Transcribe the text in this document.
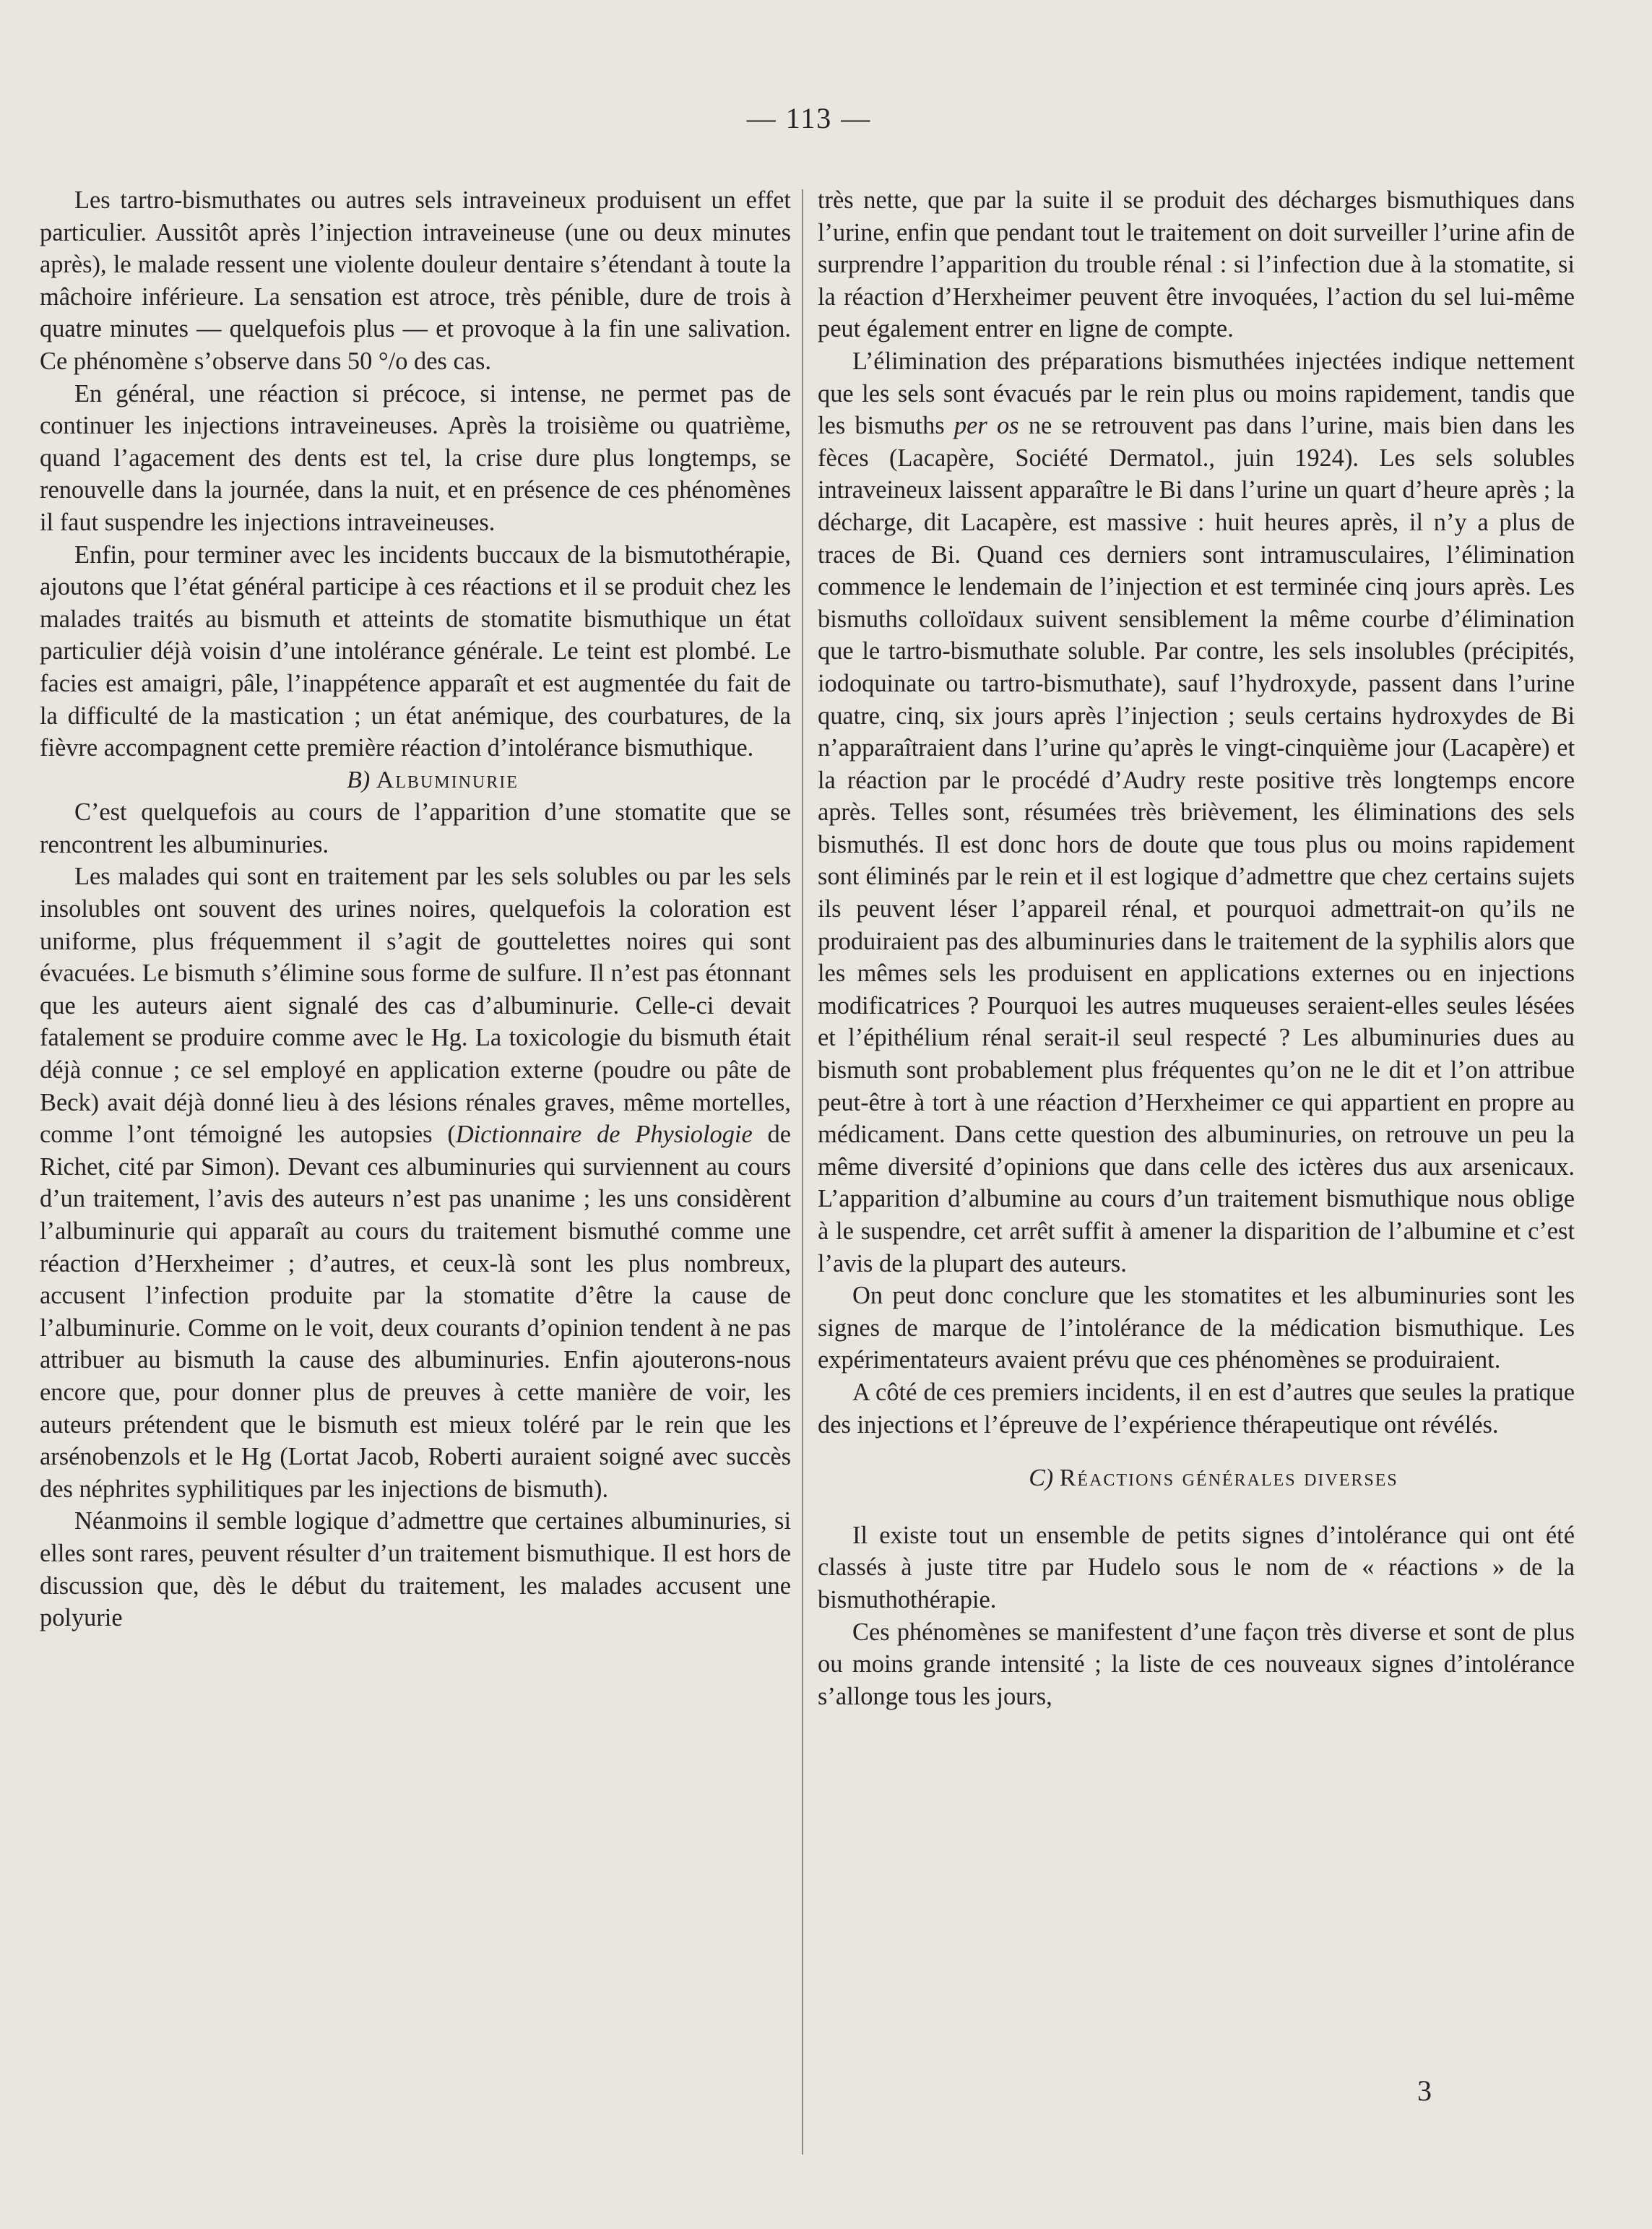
— 113 —

Les tartro-bismuthates ou autres sels intraveineux produisent un effet particulier. Aussitôt après l’injection intraveineuse (une ou deux minutes après), le malade ressent une violente douleur dentaire s’étendant à toute la mâchoire inférieure. La sensation est atroce, très pénible, dure de trois à quatre minutes — quelquefois plus — et provoque à la fin une salivation. Ce phénomène s’observe dans 50 °/o des cas.

En général, une réaction si précoce, si intense, ne permet pas de continuer les injections intraveineuses. Après la troisième ou quatrième, quand l’agacement des dents est tel, la crise dure plus longtemps, se renouvelle dans la journée, dans la nuit, et en présence de ces phénomènes il faut suspendre les injections intraveineuses.

Enfin, pour terminer avec les incidents buccaux de la bismutothérapie, ajoutons que l’état général participe à ces réactions et il se produit chez les malades traités au bismuth et atteints de stomatite bismuthique un état particulier déjà voisin d’une intolérance générale. Le teint est plombé. Le facies est amaigri, pâle, l’inappétence apparaît et est augmentée du fait de la difficulté de la mastication ; un état anémique, des courbatures, de la fièvre accompagnent cette première réaction d’intolérance bismuthique.

B) Albuminurie

C’est quelquefois au cours de l’apparition d’une stomatite que se rencontrent les albuminuries.

Les malades qui sont en traitement par les sels solubles ou par les sels insolubles ont souvent des urines noires, quelquefois la coloration est uniforme, plus fréquemment il s’agit de gouttelettes noires qui sont évacuées. Le bismuth s’élimine sous forme de sulfure. Il n’est pas étonnant que les auteurs aient signalé des cas d’albuminurie. Celle-ci devait fatalement se produire comme avec le Hg. La toxicologie du bismuth était déjà connue ; ce sel employé en application externe (poudre ou pâte de Beck) avait déjà donné lieu à des lésions rénales graves, même mortelles, comme l’ont témoigné les autopsies (Dictionnaire de Physiologie de Richet, cité par Simon). Devant ces albuminuries qui surviennent au cours d’un traitement, l’avis des auteurs n’est pas unanime ; les uns considèrent l’albuminurie qui apparaît au cours du traitement bismuthé comme une réaction d’Herxheimer ; d’autres, et ceux-là sont les plus nombreux, accusent l’infection produite par la stomatite d’être la cause de l’albuminurie. Comme on le voit, deux courants d’opinion tendent à ne pas attribuer au bismuth la cause des albuminuries. Enfin ajouterons-nous encore que, pour donner plus de preuves à cette manière de voir, les auteurs prétendent que le bismuth est mieux toléré par le rein que les arsénobenzols et le Hg (Lortat Jacob, Roberti auraient soigné avec succès des néphrites syphilitiques par les injections de bismuth).

Néanmoins il semble logique d’admettre que certaines albuminuries, si elles sont rares, peuvent résulter d’un traitement bismuthique. Il est hors de discussion que, dès le début du traitement, les malades accusent une polyurie

très nette, que par la suite il se produit des décharges bismuthiques dans l’urine, enfin que pendant tout le traitement on doit surveiller l’urine afin de surprendre l’apparition du trouble rénal : si l’infection due à la stomatite, si la réaction d’Herxheimer peuvent être invoquées, l’action du sel lui-même peut également entrer en ligne de compte.

L’élimination des préparations bismuthées injectées indique nettement que les sels sont évacués par le rein plus ou moins rapidement, tandis que les bismuths per os ne se retrouvent pas dans l’urine, mais bien dans les fèces (Lacapère, Société Dermatol., juin 1924). Les sels solubles intraveineux laissent apparaître le Bi dans l’urine un quart d’heure après ; la décharge, dit Lacapère, est massive : huit heures après, il n’y a plus de traces de Bi. Quand ces derniers sont intramusculaires, l’élimination commence le lendemain de l’injection et est terminée cinq jours après. Les bismuths colloïdaux suivent sensiblement la même courbe d’élimination que le tartro-bismuthate soluble. Par contre, les sels insolubles (précipités, iodoquinate ou tartro-bismuthate), sauf l’hydroxyde, passent dans l’urine quatre, cinq, six jours après l’injection ; seuls certains hydroxydes de Bi n’apparaîtraient dans l’urine qu’après le vingt-cinquième jour (Lacapère) et la réaction par le procédé d’Audry reste positive très longtemps encore après. Telles sont, résumées très brièvement, les éliminations des sels bismuthés. Il est donc hors de doute que tous plus ou moins rapidement sont éliminés par le rein et il est logique d’admettre que chez certains sujets ils peuvent léser l’appareil rénal, et pourquoi admettrait-on qu’ils ne produiraient pas des albuminuries dans le traitement de la syphilis alors que les mêmes sels les produisent en applications externes ou en injections modificatrices ? Pourquoi les autres muqueuses seraient-elles seules lésées et l’épithélium rénal serait-il seul respecté ? Les albuminuries dues au bismuth sont probablement plus fréquentes qu’on ne le dit et l’on attribue peut-être à tort à une réaction d’Herxheimer ce qui appartient en propre au médicament. Dans cette question des albuminuries, on retrouve un peu la même diversité d’opinions que dans celle des ictères dus aux arsenicaux. L’apparition d’albumine au cours d’un traitement bismuthique nous oblige à le suspendre, cet arrêt suffit à amener la disparition de l’albumine et c’est l’avis de la plupart des auteurs.

On peut donc conclure que les stomatites et les albuminuries sont les signes de marque de l’intolérance de la médication bismuthique. Les expérimentateurs avaient prévu que ces phénomènes se produiraient.

A côté de ces premiers incidents, il en est d’autres que seules la pratique des injections et l’épreuve de l’expérience thérapeutique ont révélés.

C) Réactions générales diverses

Il existe tout un ensemble de petits signes d’intolérance qui ont été classés à juste titre par Hudelo sous le nom de « réactions » de la bismuthothérapie.

Ces phénomènes se manifestent d’une façon très diverse et sont de plus ou moins grande intensité ; la liste de ces nouveaux signes d’intolérance s’allonge tous les jours,

3
